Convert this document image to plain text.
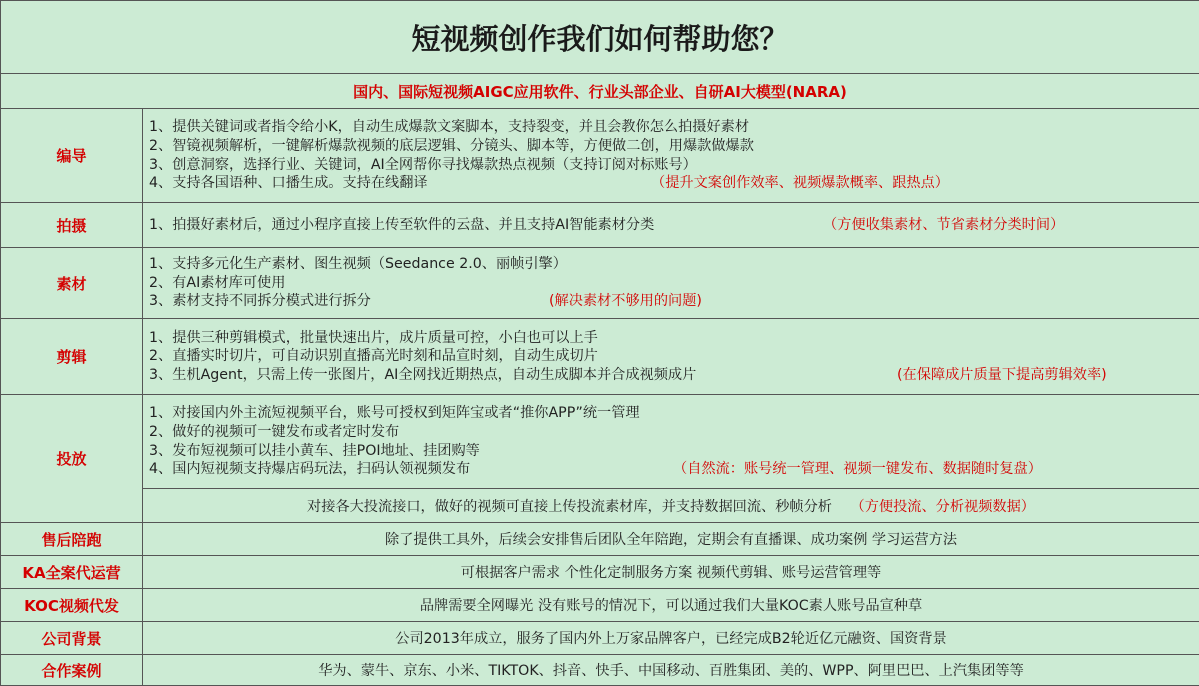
短视频创作我们如何帮助您？	
国内、国际短视频AIGC应用软件、行业头部企业、自研AI大模型(NARA)	
编导	1、提供关键词或者指令给小K，自动生成爆款文案脚本，支持裂变，并且会教你怎么拍摄好素材
2、智镜视频解析，一键解析爆款视频的底层逻辑、分镜头、脚本等，方便做二创，用爆款做爆款
3、创意洞察，选择行业、关键词，AI全网帮你寻找爆款热点视频（支持订阅对标账号）
4、支持各国语种、口播生成。支持在线翻译 （提升文案创作效率、视频爆款概率、跟热点）

拍摄	1、拍摄好素材后，通过小程序直接上传至软件的云盘、并且支持AI智能素材分类 （方便收集素材、节省素材分类时间）

素材	1、支持多元化生产素材、图生视频（Seedance 2.0、丽帧引擎）
2、有AI素材库可使用
3、素材支持不同拆分模式进行拆分 (解决素材不够用的问题)

剪辑	1、提供三种剪辑模式，批量快速出片，成片质量可控，小白也可以上手
2、直播实时切片，可自动识别直播高光时刻和品宣时刻，自动生成切片
3、生机Agent，只需上传一张图片，AI全网找近期热点，自动生成脚本并合成视频成片 (在保障成片质量下提高剪辑效率)

投放	1、对接国内外主流短视频平台，账号可授权到矩阵宝或者“推你APP”统一管理
2、做好的视频可一键发布或者定时发布
3、发布短视频可以挂小黄车、挂POI地址、挂团购等
4、国内短视频支持爆店码玩法，扫码认领视频发布 （自然流：账号统一管理、视频一键发布、数据随时复盘）

	对接各大投流接口，做好的视频可直接上传投流素材库，并支持数据回流、秒帧分析 （方便投流、分析视频数据）
售后陪跑	除了提供工具外，后续会安排售后团队全年陪跑，定期会有直播课、成功案例 学习运营方法
KA全案代运营	可根据客户需求 个性化定制服务方案 视频代剪辑、账号运营管理等
KOC视频代发	品牌需要全网曝光 没有账号的情况下，可以通过我们大量KOC素人账号品宣种草
公司背景	公司2013年成立，服务了国内外上万家品牌客户，已经完成B2轮近亿元融资、国资背景
合作案例	华为、蒙牛、京东、小米、TIKTOK、抖音、快手、中国移动、百胜集团、美的、WPP、阿里巴巴、上汽集团等等
